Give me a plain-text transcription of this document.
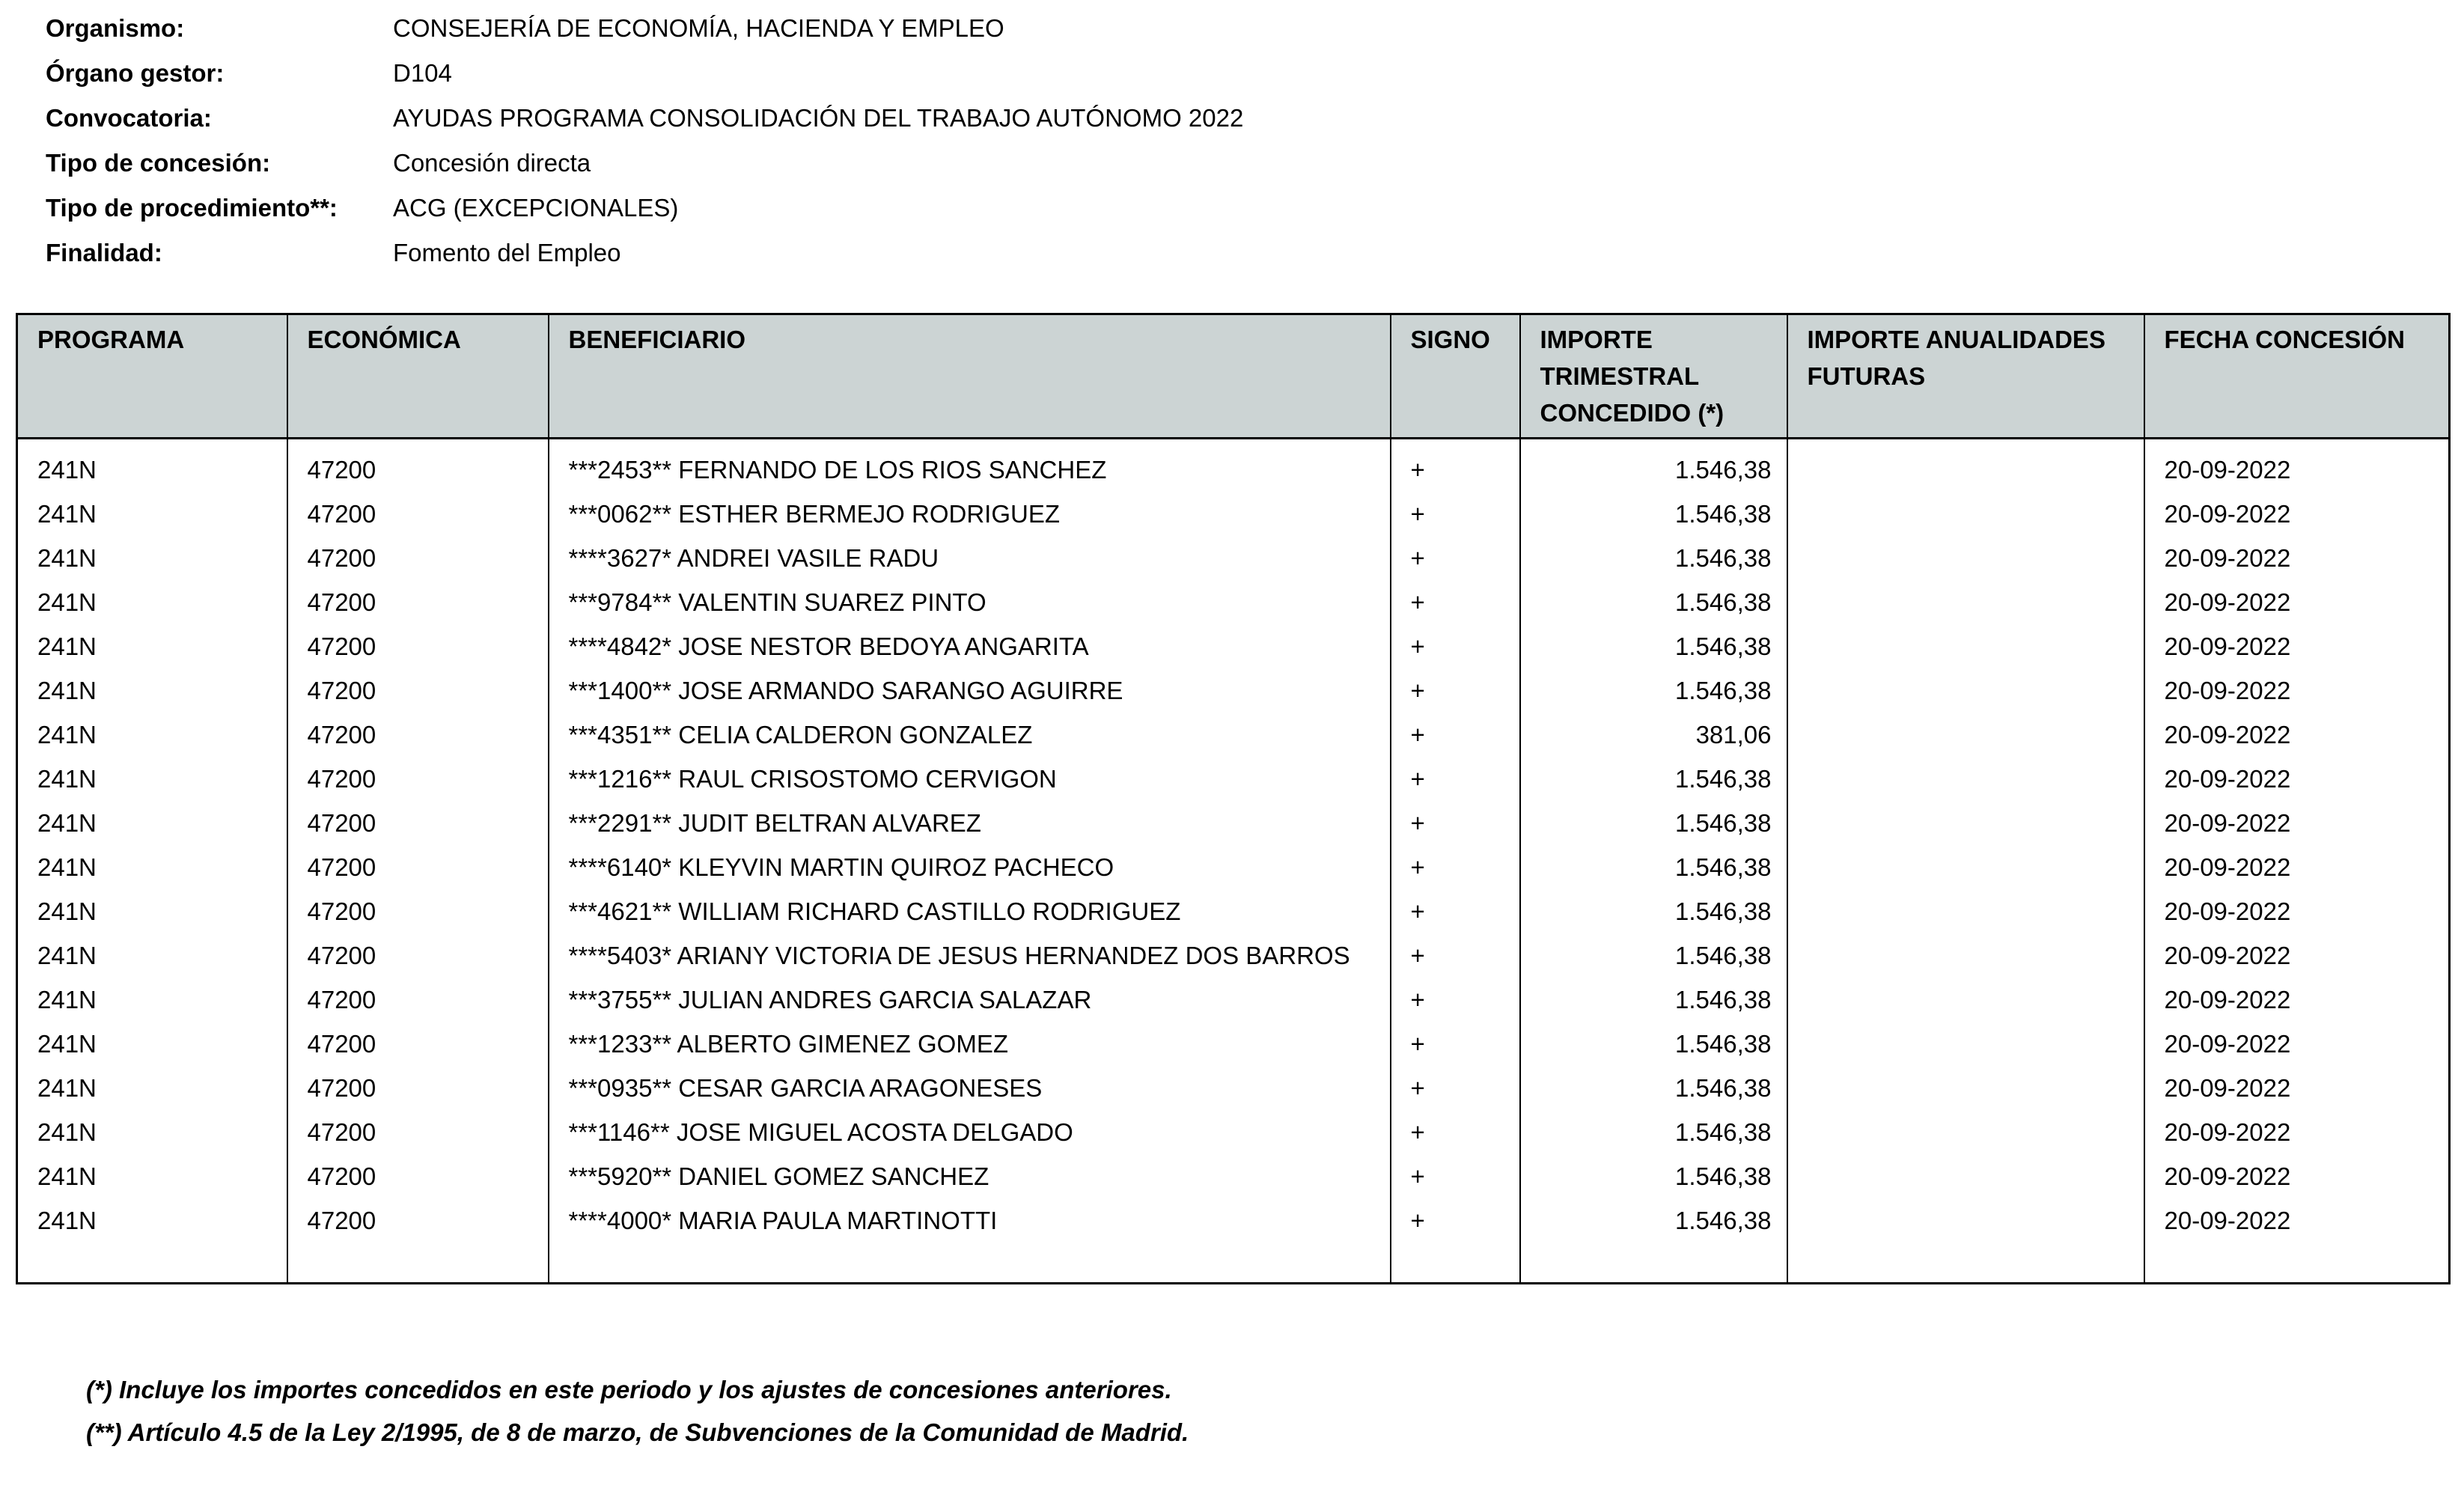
Organismo:	CONSEJERÍA DE ECONOMÍA, HACIENDA Y EMPLEO
Órgano gestor:	D104
Convocatoria:	AYUDAS PROGRAMA CONSOLIDACIÓN DEL TRABAJO AUTÓNOMO 2022
Tipo de concesión:	Concesión directa
Tipo de procedimiento**:	ACG (EXCEPCIONALES)
Finalidad:	Fomento del Empleo
PROGRAMA	ECONÓMICA	BENEFICIARIO	SIGNO	IMPORTE TRIMESTRAL CONCEDIDO (*)	IMPORTE ANUALIDADES FUTURAS	FECHA CONCESIÓN
241N	47200	***2453** FERNANDO DE LOS RIOS SANCHEZ	+	1.546,38		20-09-2022
241N	47200	***0062** ESTHER BERMEJO RODRIGUEZ	+	1.546,38		20-09-2022
241N	47200	****3627* ANDREI VASILE RADU	+	1.546,38		20-09-2022
241N	47200	***9784** VALENTIN SUAREZ PINTO	+	1.546,38		20-09-2022
241N	47200	****4842* JOSE NESTOR BEDOYA ANGARITA	+	1.546,38		20-09-2022
241N	47200	***1400** JOSE ARMANDO SARANGO AGUIRRE	+	1.546,38		20-09-2022
241N	47200	***4351** CELIA CALDERON GONZALEZ	+	381,06		20-09-2022
241N	47200	***1216** RAUL CRISOSTOMO CERVIGON	+	1.546,38		20-09-2022
241N	47200	***2291** JUDIT BELTRAN ALVAREZ	+	1.546,38		20-09-2022
241N	47200	****6140* KLEYVIN MARTIN QUIROZ PACHECO	+	1.546,38		20-09-2022
241N	47200	***4621** WILLIAM RICHARD CASTILLO RODRIGUEZ	+	1.546,38		20-09-2022
241N	47200	****5403* ARIANY VICTORIA DE JESUS HERNANDEZ DOS BARROS	+	1.546,38		20-09-2022
241N	47200	***3755** JULIAN ANDRES GARCIA SALAZAR	+	1.546,38		20-09-2022
241N	47200	***1233** ALBERTO GIMENEZ GOMEZ	+	1.546,38		20-09-2022
241N	47200	***0935** CESAR GARCIA ARAGONESES	+	1.546,38		20-09-2022
241N	47200	***1146** JOSE MIGUEL ACOSTA DELGADO	+	1.546,38		20-09-2022
241N	47200	***5920** DANIEL GOMEZ SANCHEZ	+	1.546,38		20-09-2022
241N	47200	****4000* MARIA PAULA MARTINOTTI	+	1.546,38		20-09-2022
(*) Incluye los importes concedidos en este periodo y los ajustes de concesiones anteriores.
(**) Artículo 4.5 de la Ley 2/1995, de 8 de marzo, de Subvenciones de la Comunidad de Madrid.
